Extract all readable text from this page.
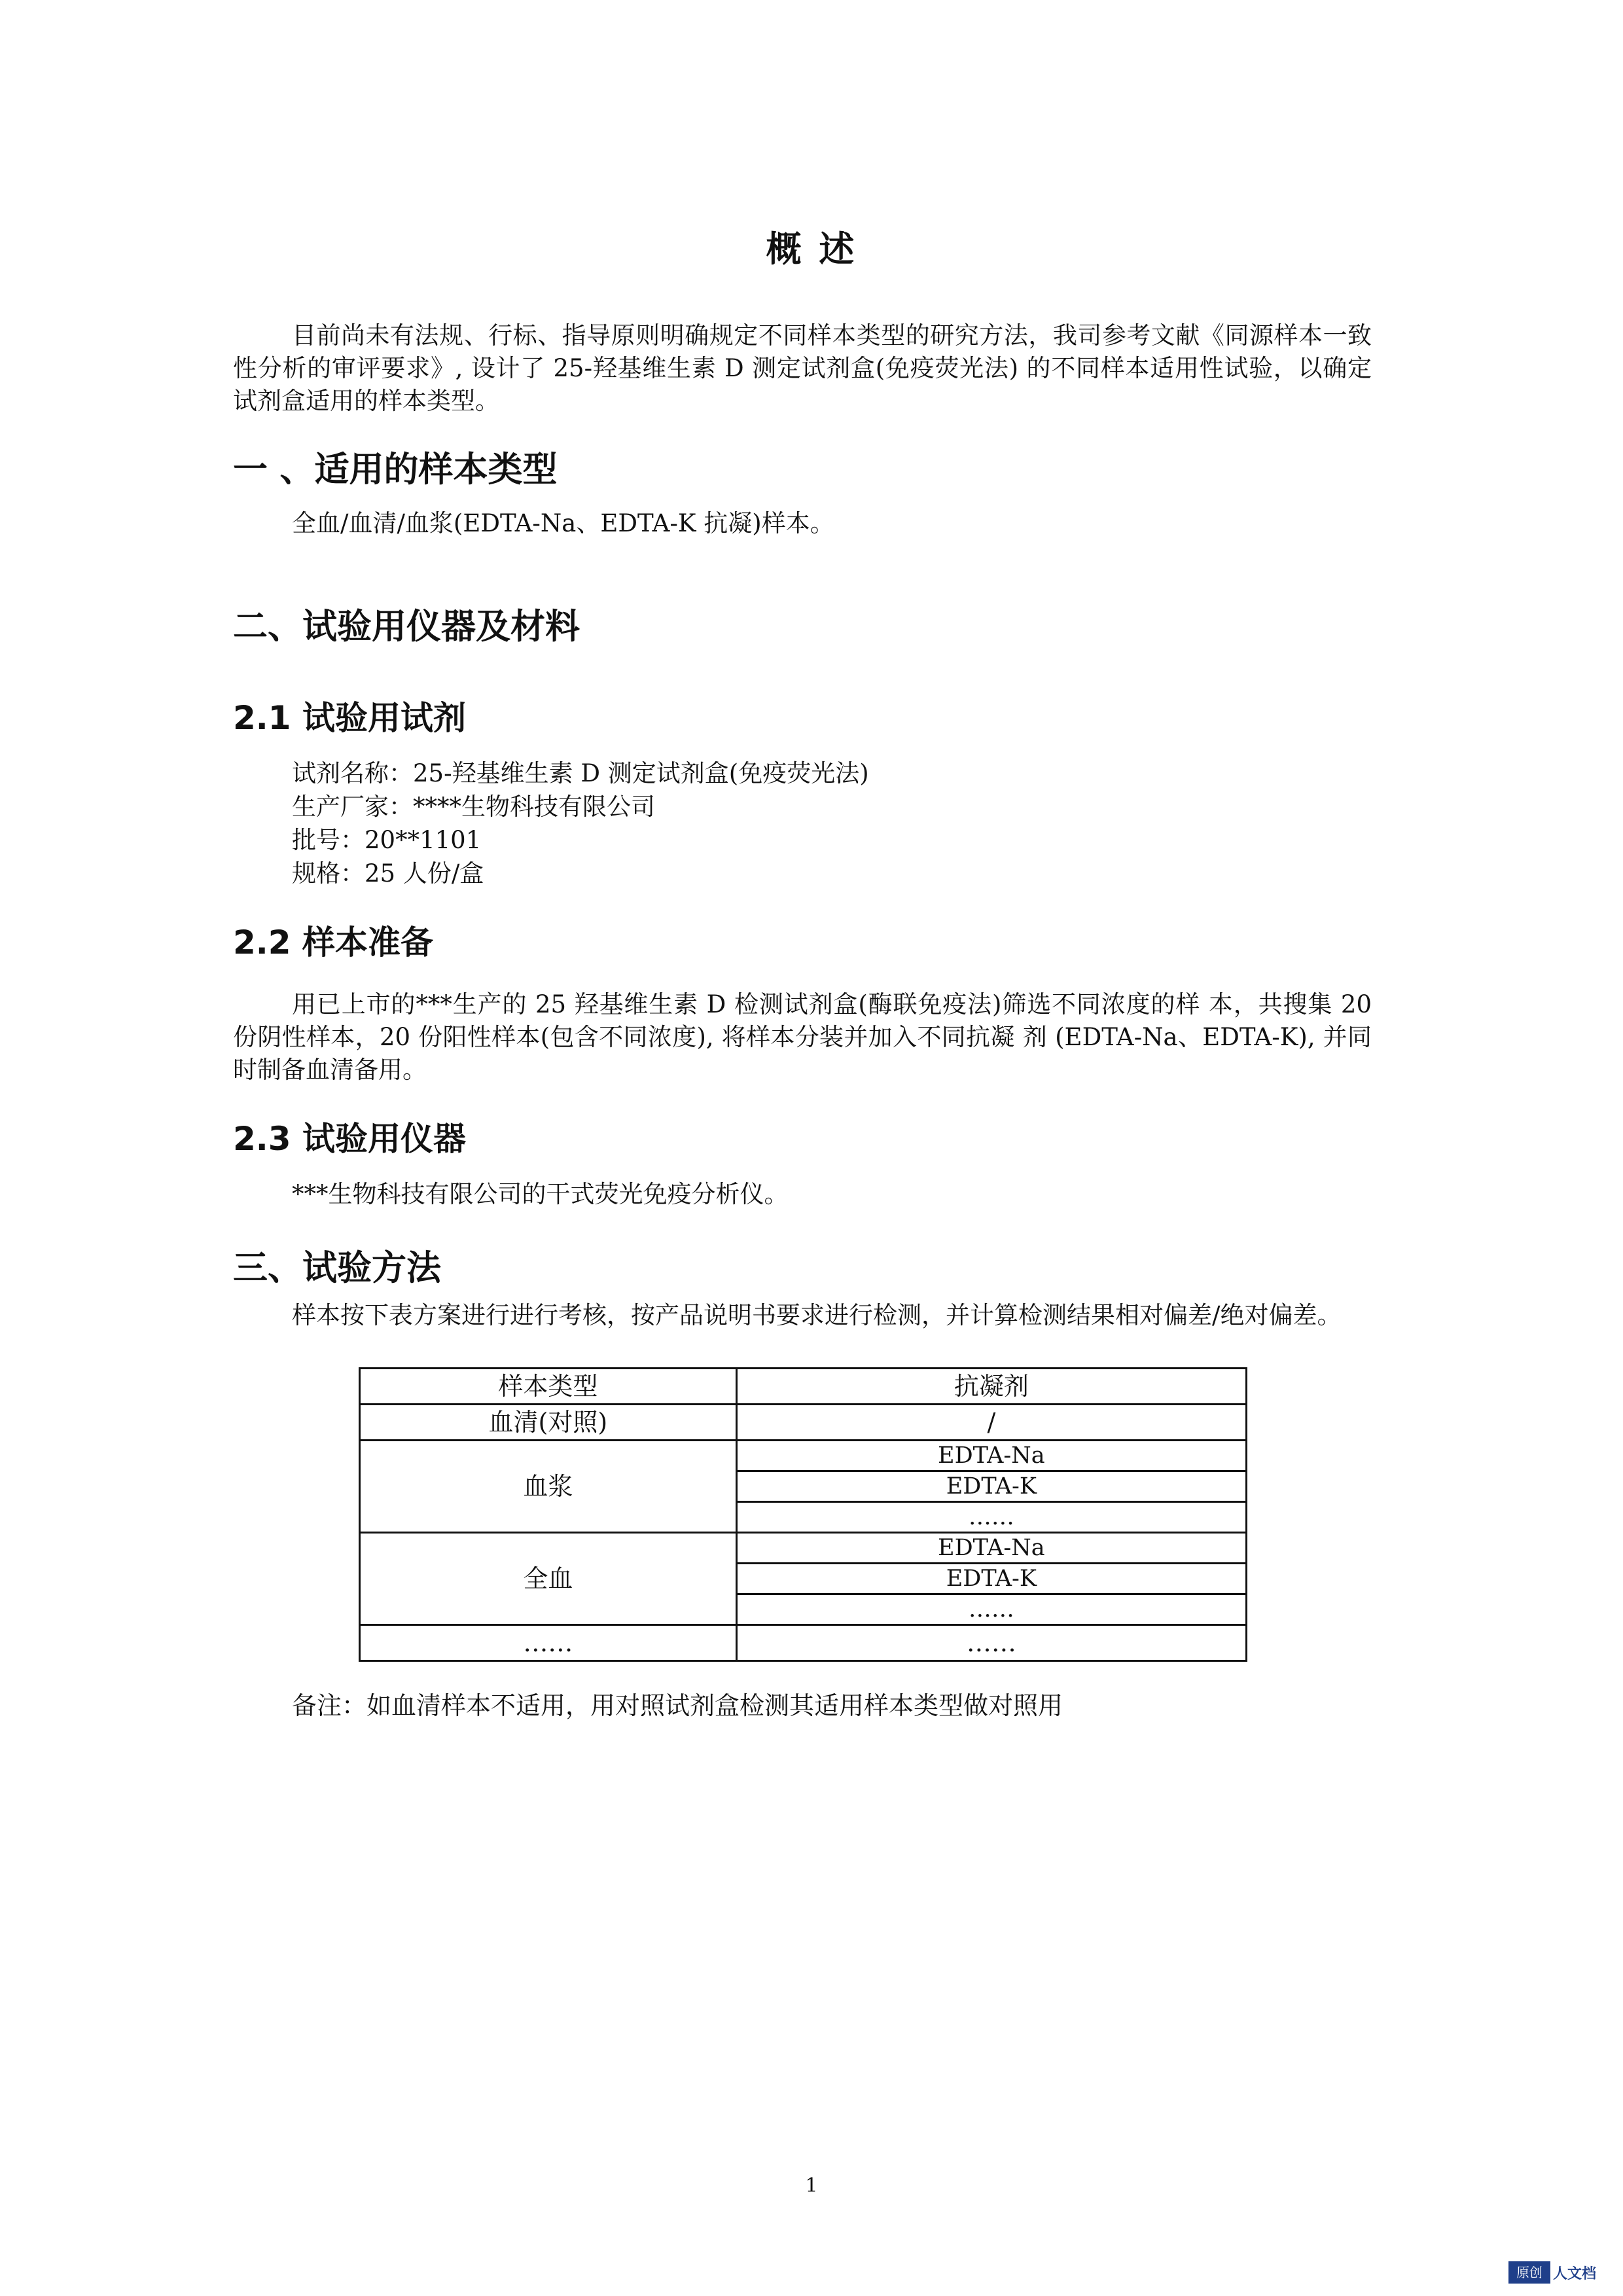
概 述
目前尚未有法规、行标、指导原则明确规定不同样本类型的研究方法，我司参考文献《同源样本一致性分析的审评要求》, 设计了 25-羟基维生素 D 测定试剂盒(免疫荧光法) 的不同样本适用性试验，以确定试剂盒适用的样本类型。
一 、适用的样本类型
全血/血清/血浆(EDTA-Na、EDTA-K 抗凝)样本。
二、试验用仪器及材料
2.1 试验用试剂
试剂名称：25-羟基维生素 D 测定试剂盒(免疫荧光法)
生产厂家：****生物科技有限公司
批号：20**1101
规格：25 人份/盒
2.2 样本准备
用已上市的***生产的 25 羟基维生素 D 检测试剂盒(酶联免疫法)筛选不同浓度的样 本，共搜集 20 份阴性样本，20 份阳性样本(包含不同浓度), 将样本分装并加入不同抗凝 剂 (EDTA-Na、EDTA-K), 并同时制备血清备用。
2.3 试验用仪器
***生物科技有限公司的干式荧光免疫分析仪。
三、试验方法
样本按下表方案进行进行考核，按产品说明书要求进行检测，并计算检测结果相对偏差/绝对偏差。
样本类型	抗凝剂
血清(对照)	/
血浆	EDTA-Na
	EDTA-K
	……
全血	EDTA-Na
	EDTA-K
	……
……	……
备注：如血清样本不适用，用对照试剂盒检测其适用样本类型做对照用
1
原创 人文档
